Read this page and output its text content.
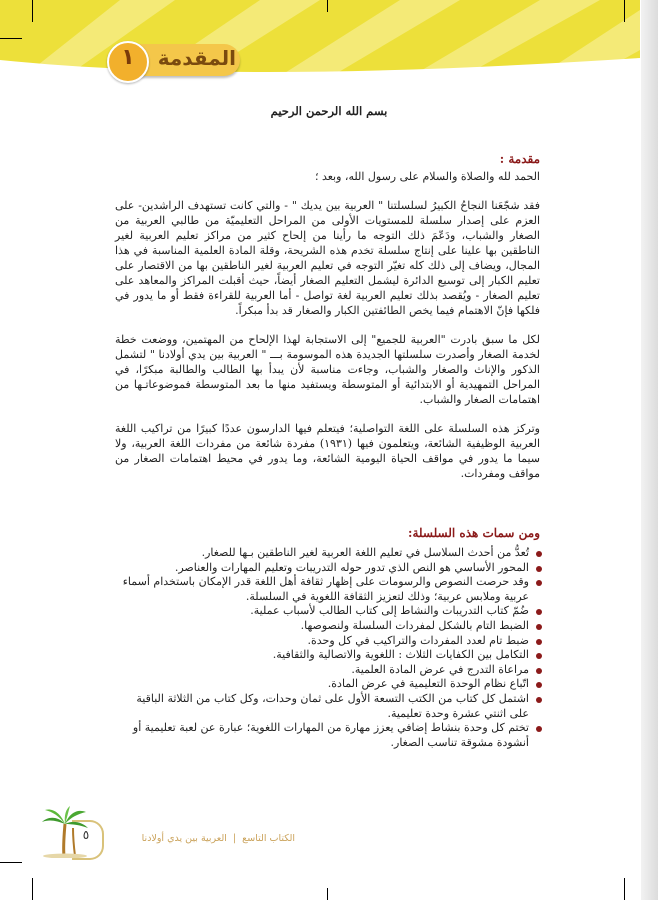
المقدمة
١
بسم الله الرحمن الرحيم
مقدمة :
الحمد لله والصلاة والسلام على رسول الله، وبعد ؛
فقد شجّعَنا النجاحُ الكبيرُ لسلسلتنا " العربية بين يديك " - والتي كانت تستهدف الراشدين- على العزم على إصدار سلسلة للمستويات الأولى من المراحل التعليميّة من طالبي العربية من الصغار والشباب، ودَعّمَ ذلك التوجه ما رأينا من إلحاح كثير من مراكز تعليم العربية لغير الناطقين بها علينا على إنتاج سلسلة تخدم هذه الشريحة، وقلة المادة العلمية المناسبة في هذا المجال، ويضاف إلى ذلك كله تغيّر التوجه في تعليم العربية لغير الناطقين بها من الاقتصار على تعليم الكبار إلى توسيع الدائرة ليشمل التعليم الصغار أيضاً، حيث أقبلت المراكز والمعاهد على تعليم الصغار - ويُقصد بذلك تعليم العربية لغة تواصل - أما العربية للقراءة فقط أو ما يدور في فلكها فإنّ الاهتمام فيما يخص الطائفتين الكبار والصغار قد بدأ مبكراً.
لكل ما سبق بادرت "العربية للجميع" إلى الاستجابة لهذا الإلحاح من المهتمين، ووضعت خطة لخدمة الصغار وأصدرت سلسلتها الجديدة هذه الموسومة بـــ " العربية بين يدي أولادنا " لتشمل الذكور والإناث والصغار والشباب، وجاءت مناسبة لأن يبدأ بها الطالب والطالبة مبكرًا، في المراحل التمهيدية أو الابتدائية أو المتوسطة ويستفيد منها ما بعد المتوسطة فموضوعاتـها من اهتمامات الصغار والشباب.
وتركز هذه السلسلة على اللغة التواصلية؛ فيتعلم فيها الدارسون عددًا كبيرًا من تراكيب اللغة العربية الوظيفية الشائعة، ويتعلمون فيها (١٩٣١) مفردة شائعة من مفردات اللغة العربية، ولا سيما ما يدور في مواقف الحياة اليومية الشائعة، وما يدور في محيط اهتمامات الصغار من مواقف ومفردات.
ومن سمات هذه السلسلة:
تُعدُّ من أحدث السلاسل في تعليم اللغة العربية لغير الناطقين بـها للصغار.
المحور الأساسي هو النص الذي تدور حوله التدريبات وتعليم المهارات والعناصر.
وقد حرصت النصوص والرسومات على إظهار ثقافة أهل اللغة قدر الإمكان باستخدام أسماء عربية وملابس عربية؛ وذلك لتعزيز الثقافة اللغوية في السلسلة.
ضُمّ كتاب التدريبات والنشاط إلى كتاب الطالب لأسباب عملية.
الضبط التام بالشكل لمفردات السلسلة ولنصوصها.
ضبط تام لعدد المفردات والتراكيب في كل وحدة.
التكامل بين الكفايات الثلاث : اللغوية والاتصالية والثقافية.
مراعاة التدرج في عرض المادة العلمية.
اتّباع نظام الوحدة التعليمية في عرض المادة.
اشتمل كل كتاب من الكتب التسعة الأول على ثمان وحدات، وكل كتاب من الثلاثة الباقية على اثنتي عشرة وحدة تعليمية.
تختم كل وحدة بنشاط إضافي يعزز مهارة من المهارات اللغوية؛ عبارة عن لعبة تعليمية أو أنشودة مشوقة تناسب الصغار.
٥	الكتاب التاسع | العربية بين يدي أولادنا
